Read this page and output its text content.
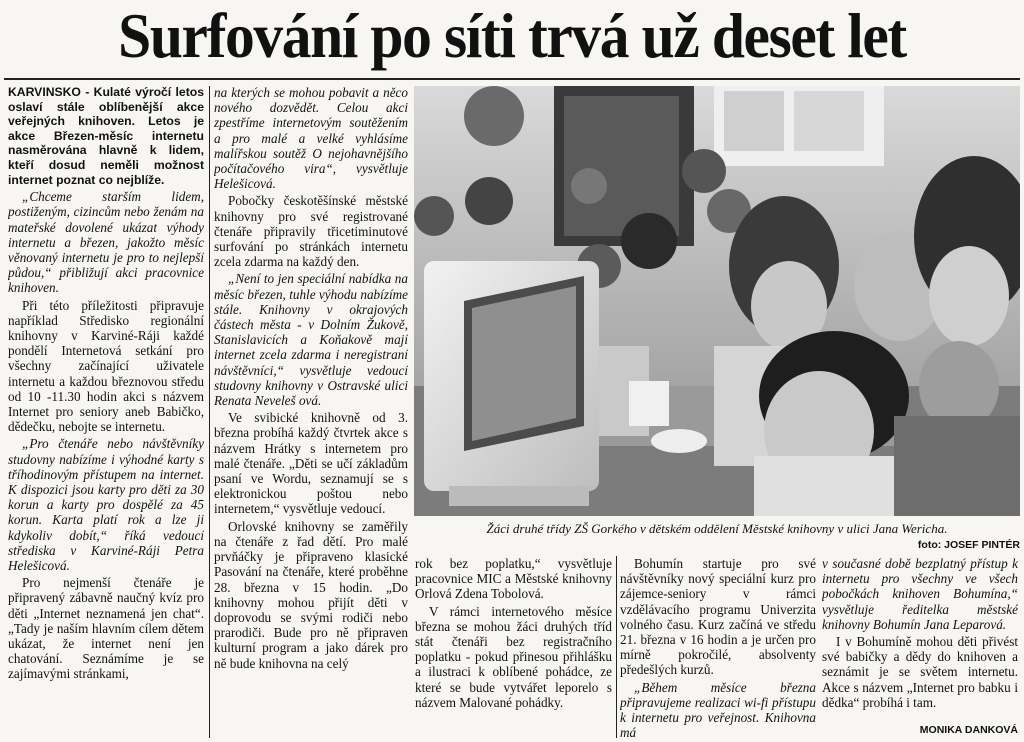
Surfování po síti trvá už deset let

KARVINSKO - Kulaté výročí letos oslaví stále oblíbenější akce veřejných knihoven. Letos je akce Březen-měsíc internetu nasměrována hlavně k lidem, kteří dosud neměli možnost internet poznat co nejblíže.

„Chceme starším lidem, postiženým, cizincům nebo ženám na mateřské dovolené ukázat výhody internetu a březen, jakožto měsíc věnovaný internetu je pro to nejlepší půdou,“ přibližují akci pracovnice knihoven.

Při této příležitosti připravuje například Středisko regionální knihovny v Karviné-Ráji každé pondělí Internetová setkání pro všechny začínající uživatele internetu a každou březnovou středu od 10 -11.30 hodin akci s názvem Internet pro seniory aneb Babičko, dědečku, nebojte se internetu.

„Pro čtenáře nebo návštěvníky studovny nabízíme i výhodné karty s tříhodinovým přístupem na internet. K dispozici jsou karty pro děti za 30 korun a karty pro dospělé za 45 korun. Karta platí rok a lze ji kdykoliv dobít,“ říká vedoucí střediska v Karviné-Ráji Petra Helešicová.

Pro nejmenší čtenáře je připravený zábavně naučný kvíz pro děti „Internet neznamená jen chat“. „Tady je naším hlavním cílem dětem ukázat, že internet není jen chatování. Seznámíme je se zajímavými stránkami,

na kterých se mohou pobavit a něco nového dozvědět. Celou akci zpestříme internetovým soutěžením a pro malé a velké vyhlásíme malířskou soutěž O nejohavnějšího počítačového vira“, vysvětluje Helešicová.

Pobočky českotěšínské městské knihovny pro své registrované čtenáře připravily třicetiminutové surfování po stránkách internetu zcela zdarma na každý den.

„Není to jen speciální nabídka na měsíc březen, tuhle výhodu nabízíme stále. Knihovny v okrajových částech města - v Dolním Žukově, Stanislavicích a Koňakově mají internet zcela zdarma i neregistraní návštěvníci,“ vysvětluje vedoucí studovny knihovny v Ostravské ulici Renata Neveleš ová.

Ve svibické knihovně od 3. března probíhá každý čtvrtek akce s názvem Hrátky s internetem pro malé čtenáře. „Děti se učí základům psaní ve Wordu, seznamují se s elektronickou poštou nebo internetem,“ vysvětluje vedoucí.

Orlovské knihovny se zaměřily na čtenáře z řad dětí. Pro malé prvňáčky je připraveno klasické Pasování na čtenáře, které proběhne 28. března v 15 hodin. „Do knihovny mohou přijít děti v doprovodu se svými rodiči nebo prarodiči. Bude pro ně připraven kulturní program a jako dárek pro ně bude knihovna na celý

Žáci druhé třídy ZŠ Gorkého v dětském oddělení Městské knihovny v ulici Jana Wericha.
foto: JOSEF PINTÉR

rok bez poplatku,“ vysvětluje pracovnice MIC a Městské knihovny Orlová Zdena Tobolová.

V rámci internetového měsíce března se mohou žáci druhých tříd stát čtenáři bez registračního poplatku - pokud přinesou přihlášku a ilustraci k oblíbené pohádce, ze které se bude vytvářet leporelo s názvem Malované pohádky.

Bohumín startuje pro své návštěvníky nový speciální kurz pro zájemce-seniory v rámci vzdělávacího programu Univerzita volného času. Kurz začíná ve středu 21. března v 16 hodin a je určen pro mírně pokročilé, absolventy předešlých kurzů.

„Během měsíce března připravujeme realizaci wi-fi přístupu k internetu pro veřejnost. Knihovna má

v současné době bezplatný přístup k internetu pro všechny ve všech pobočkách knihoven Bohumína,“ vysvětluje ředitelka městské knihovny Bohumín Jana Leparová.

I v Bohumíně mohou děti přivést své babičky a dědy do knihoven a seznámit je se světem internetu. Akce s názvem „Internet pro babku i dědka“ probíhá i tam.

MONIKA DANKOVÁ
